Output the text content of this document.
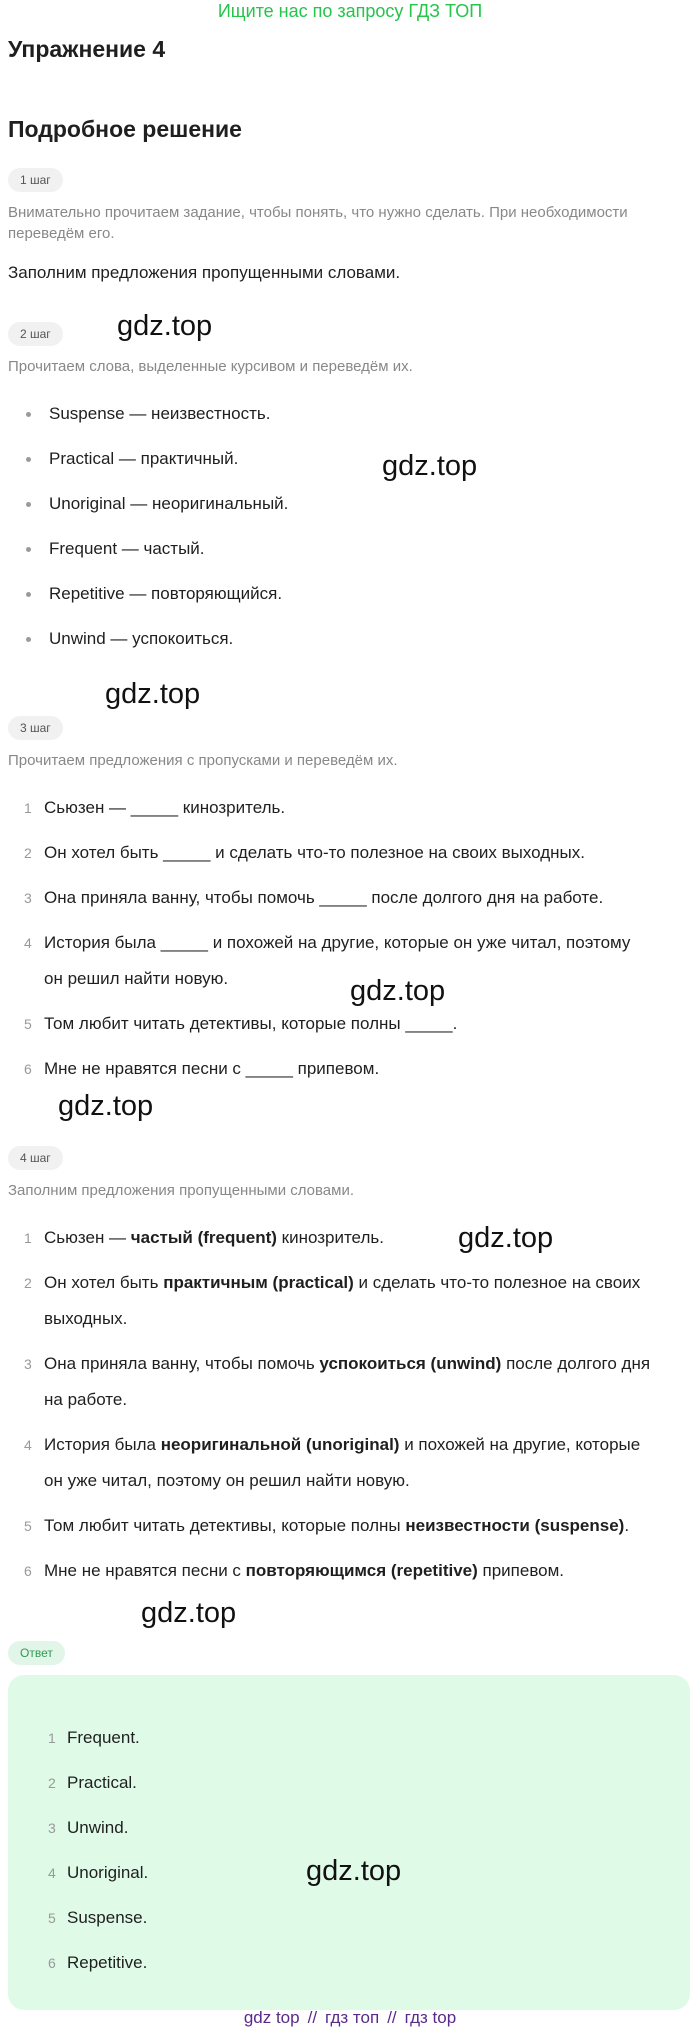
Ищите нас по запросу ГДЗ ТОП
Упражнение 4
Подробное решение
1 шаг
Внимательно прочитаем задание, чтобы понять, что нужно сделать. При необходимости переведём его.
Заполним предложения пропущенными словами.
2 шаг
Прочитаем слова, выделенные курсивом и переведём их.
Suspense — неизвестность.
Practical — практичный.
Unoriginal — неоригинальный.
Frequent — частый.
Repetitive — повторяющийся.
Unwind — успокоиться.
3 шаг
Прочитаем предложения с пропусками и переведём их.
1 Сьюзен — _____ кинозритель.
2 Он хотел быть _____ и сделать что-то полезное на своих выходных.
3 Она приняла ванну, чтобы помочь _____ после долгого дня на работе.
4 История была _____ и похожей на другие, которые он уже читал, поэтому
он решил найти новую.
5 Том любит читать детективы, которые полны _____.
6 Мне не нравятся песни с _____ припевом.
4 шаг
Заполним предложения пропущенными словами.
1 Сьюзен — частый (frequent) кинозритель.
2 Он хотел быть практичным (practical) и сделать что-то полезное на своих
выходных.
3 Она приняла ванну, чтобы помочь успокоиться (unwind) после долгого дня
на работе.
4 История была неоригинальной (unoriginal) и похожей на другие, которые
он уже читал, поэтому он решил найти новую.
5 Том любит читать детективы, которые полны неизвестности (suspense).
6 Мне не нравятся песни с повторяющимся (repetitive) припевом.
Ответ
1 Frequent.
2 Practical.
3 Unwind.
4 Unoriginal.
5 Suspense.
6 Repetitive.
gdz.top
gdz.top
gdz.top
gdz.top
gdz.top
gdz.top
gdz.top
gdz.top
gdz top // гдз топ // гдз top
